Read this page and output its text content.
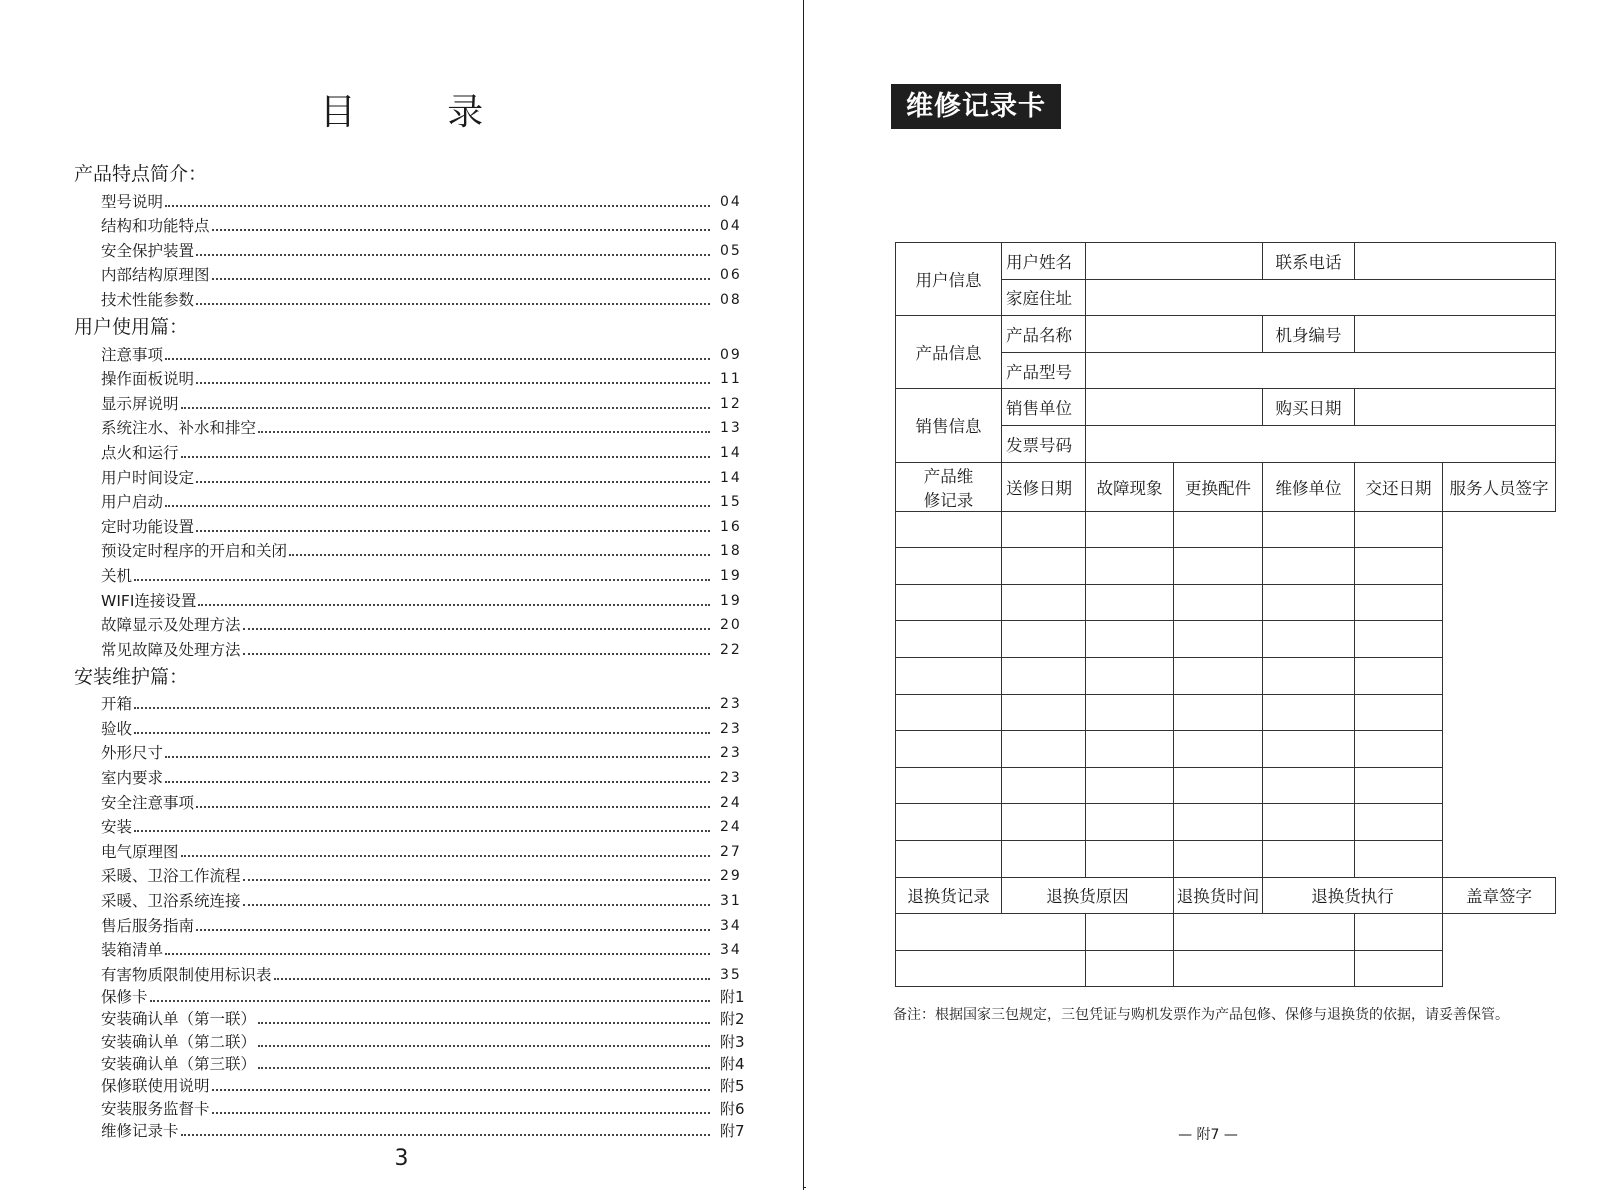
目 录
产品特点简介：
型号说明	04
结构和功能特点	04
安全保护装置	05
内部结构原理图	06
技术性能参数	08
用户使用篇：
注意事项	09
操作面板说明	11
显示屏说明	12
系统注水、补水和排空	13
点火和运行	14
用户时间设定	14
用户启动	15
定时功能设置	16
预设定时程序的开启和关闭	18
关机	19
WIFI连接设置	19
故障显示及处理方法	20
常见故障及处理方法	22
安装维护篇：
开箱	23
验收	23
外形尺寸	23
室内要求	23
安全注意事项	24
安装	24
电气原理图	27
采暖、卫浴工作流程	29
采暖、卫浴系统连接	31
售后服务指南	34
装箱清单	34
有害物质限制使用标识表	35
保修卡	附1
安装确认单（第一联）	附2
安装确认单（第二联）	附3
安装确认单（第三联）	附4
保修联使用说明	附5
安装服务监督卡	附6
维修记录卡	附7
3
维修记录卡
用户信息	用户姓名			联系电话		
	家庭住址					
产品信息	产品名称			机身编号		
	产品型号					
销售信息	销售单位			购买日期		
	发票号码					
产品维
修记录	送修日期	故障现象	更换配件	维修单位	交还日期	服务人员签字

退换货记录	退换货原因		退换货时间	退换货执行		盖章签字

备注：根据国家三包规定，三包凭证与购机发票作为产品包修、保修与退换货的依据，请妥善保管。
— 附7 —
